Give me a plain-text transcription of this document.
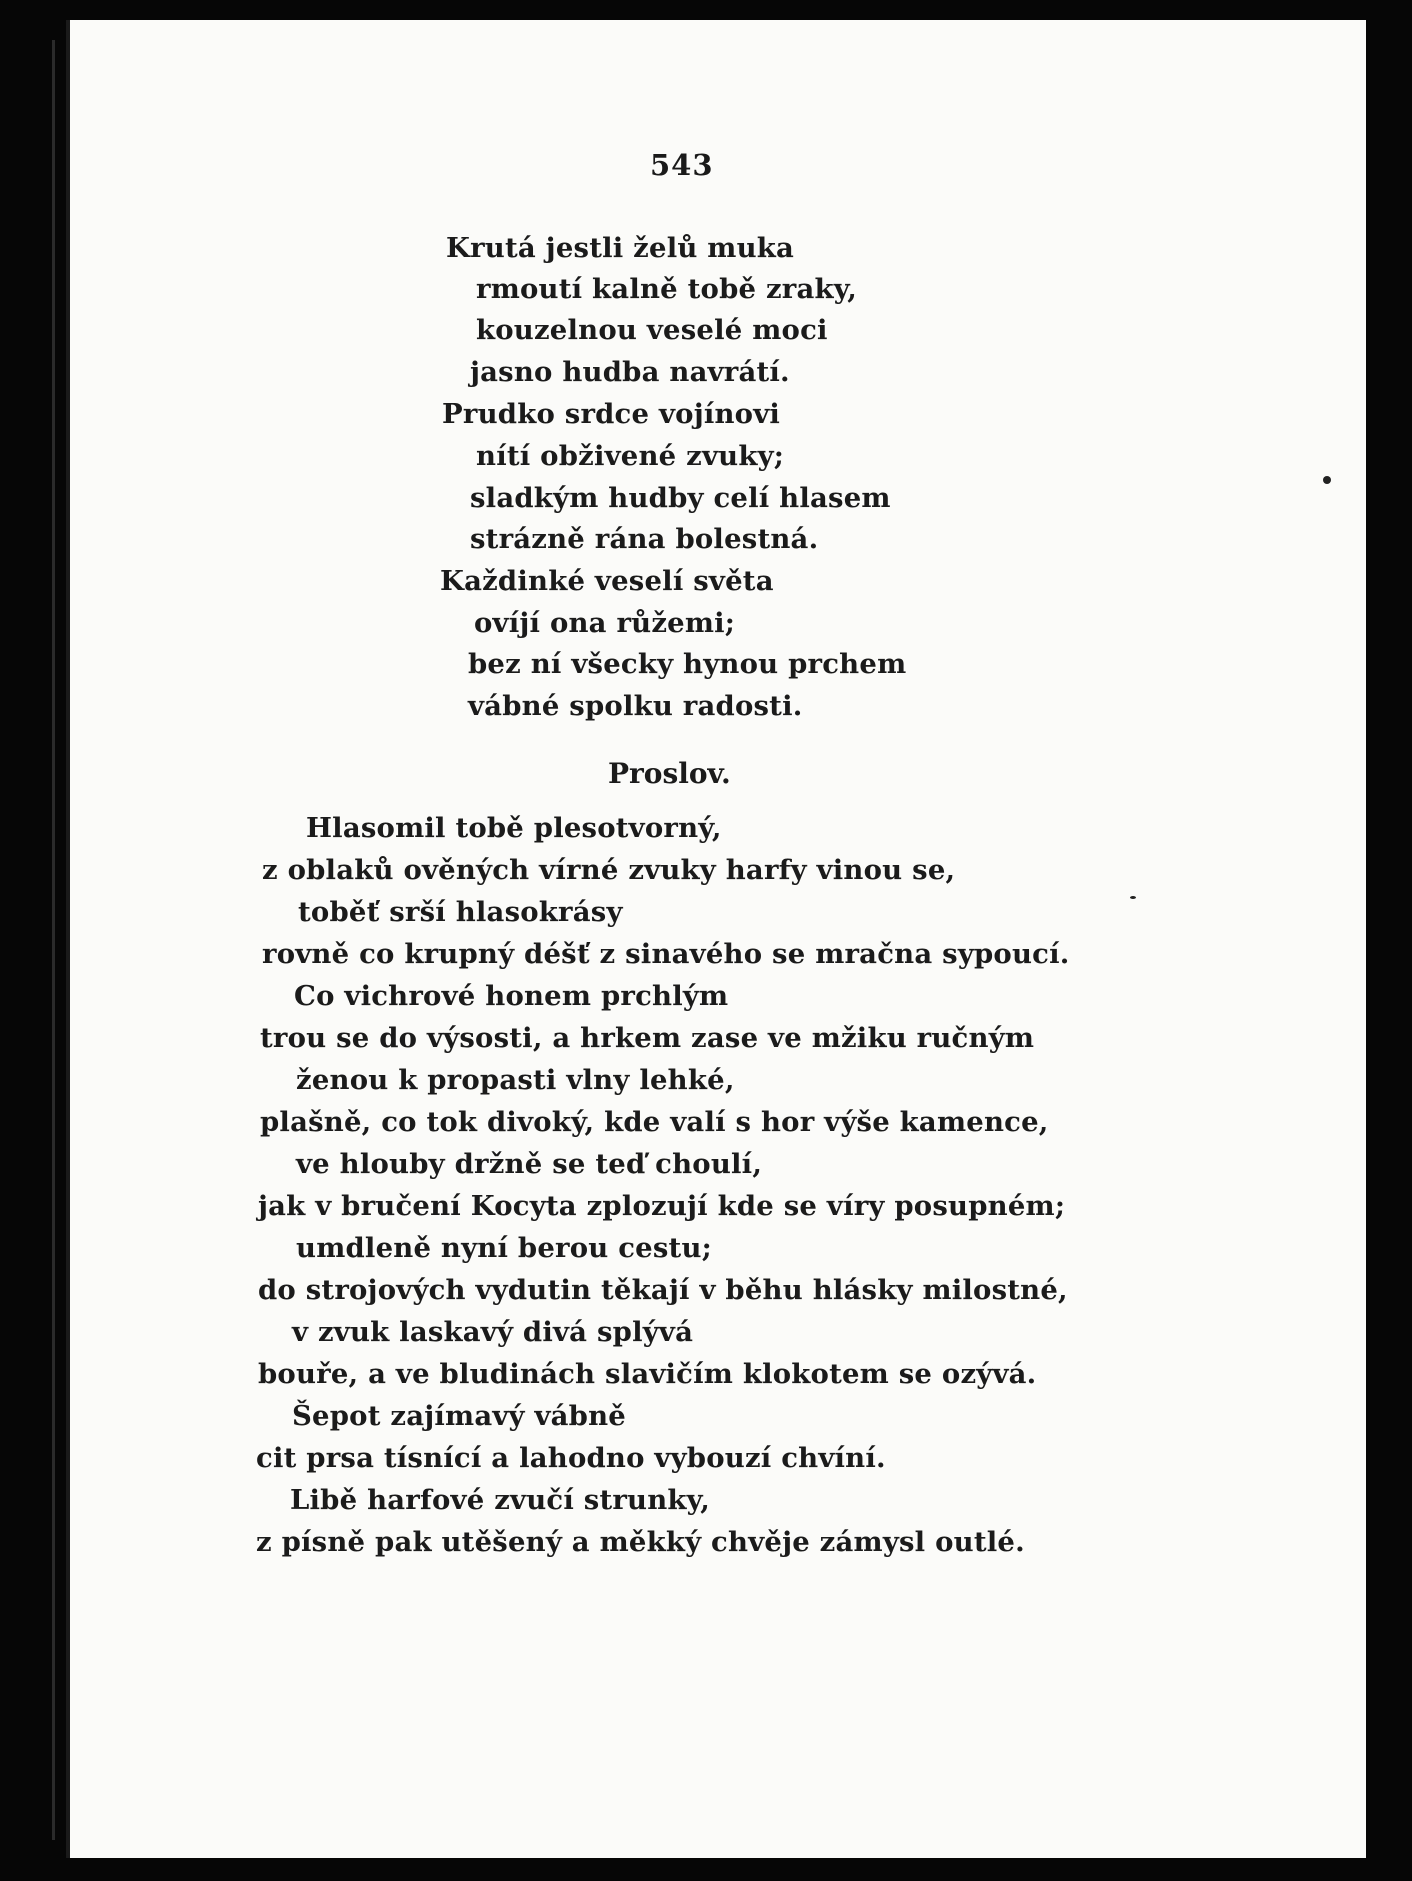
543
Krutá jestli želů muka
rmoutí kalně tobě zraky,
kouzelnou veselé moci
jasno hudba navrátí.
Prudko srdce vojínovi
nítí obživené zvuky;
sladkým hudby celí hlasem
strázně rána bolestná.
Každinké veselí světa
ovíjí ona růžemi;
bez ní všecky hynou prchem
vábné spolku radosti.
Proslov.
Hlasomil tobě plesotvorný,
z oblaků ověných vírné zvuky harfy vinou se,
toběť srší hlasokrásy
rovně co krupný déšť z sinavého se mračna sypoucí.
Co vichrové honem prchlým
trou se do výsosti, a hrkem zase ve mžiku ručným
ženou k propasti vlny lehké,
plašně, co tok divoký, kde valí s hor výše kamence,
ve hlouby držně se teď choulí,
jak v bručení Kocyta zplozují kde se víry posupném;
umdleně nyní berou cestu;
do strojových vydutin těkají v běhu hlásky milostné,
v zvuk laskavý divá splývá
bouře, a ve bludinách slavičím klokotem se ozývá.
Šepot zajímavý vábně
cit prsa tísnící a lahodno vybouzí chvíní.
Libě harfové zvučí strunky,
z písně pak utěšený a měkký chvěje zámysl outlé.
